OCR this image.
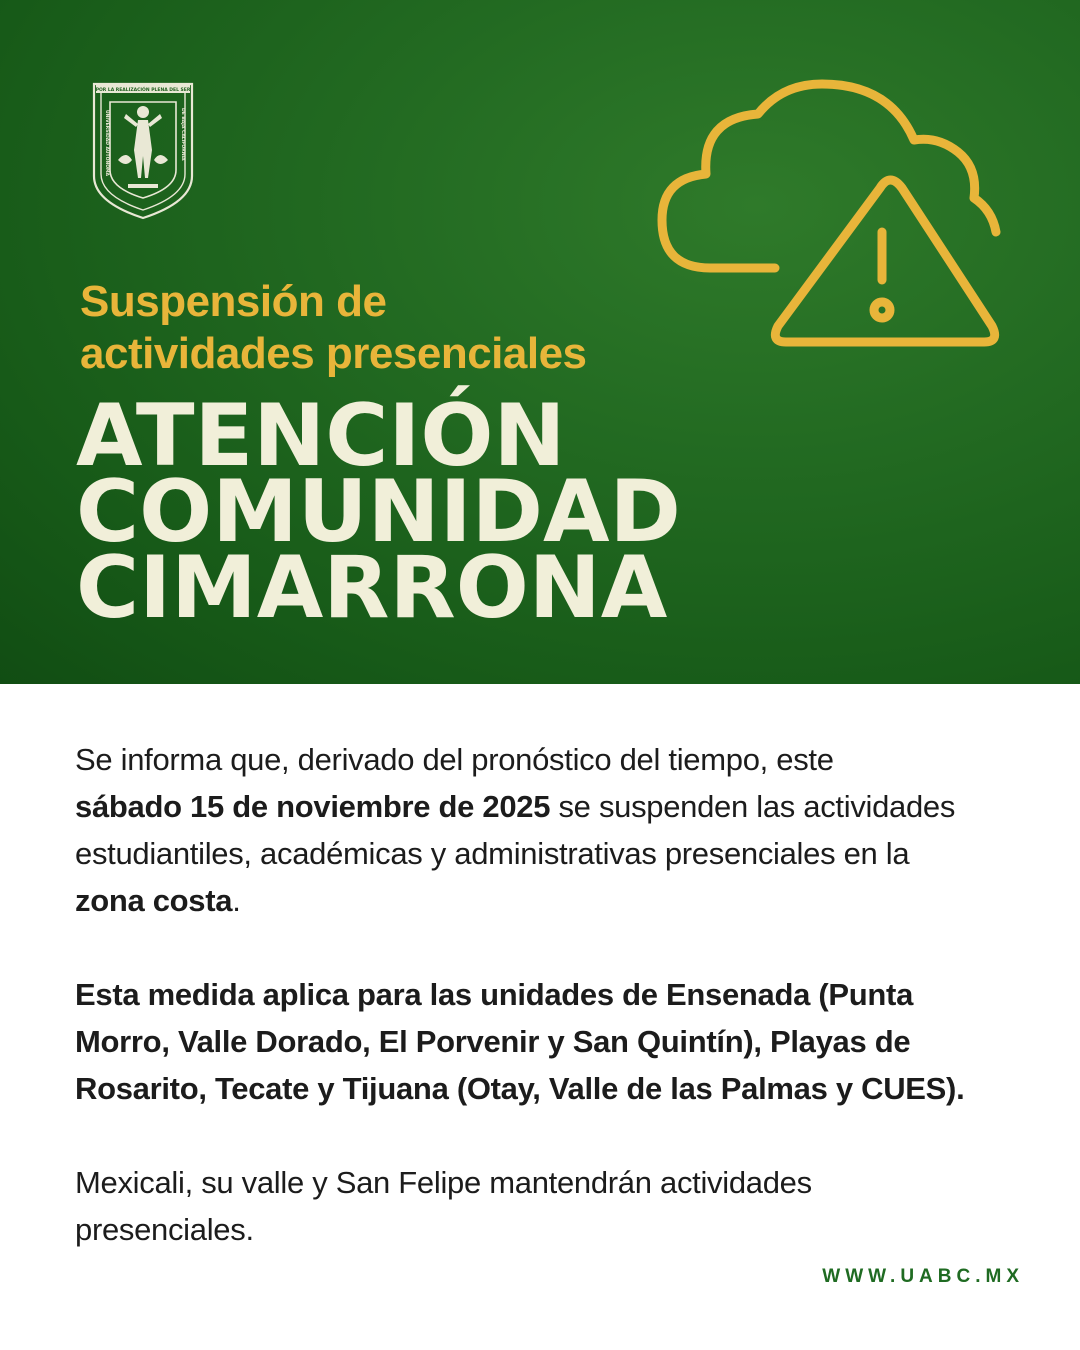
POR LA REALIZACIÓN PLENA DEL SER
UNIVERSIDAD AUTÓNOMA	DE BAJA CALIFORNIA
Suspensión de
actividades presenciales
ATENCIÓN
COMUNIDAD
CIMARRONA

Se informa que, derivado del pronóstico del tiempo, este
sábado 15 de noviembre de 2025 se suspenden las actividades
estudiantiles, académicas y administrativas presenciales en la
zona costa.

Esta medida aplica para las unidades de Ensenada (Punta
Morro, Valle Dorado, El Porvenir y San Quintín), Playas de
Rosarito, Tecate y Tijuana (Otay, Valle de las Palmas y CUES).

Mexicali, su valle y San Felipe mantendrán actividades
presenciales.

WWW.UABC.MX
